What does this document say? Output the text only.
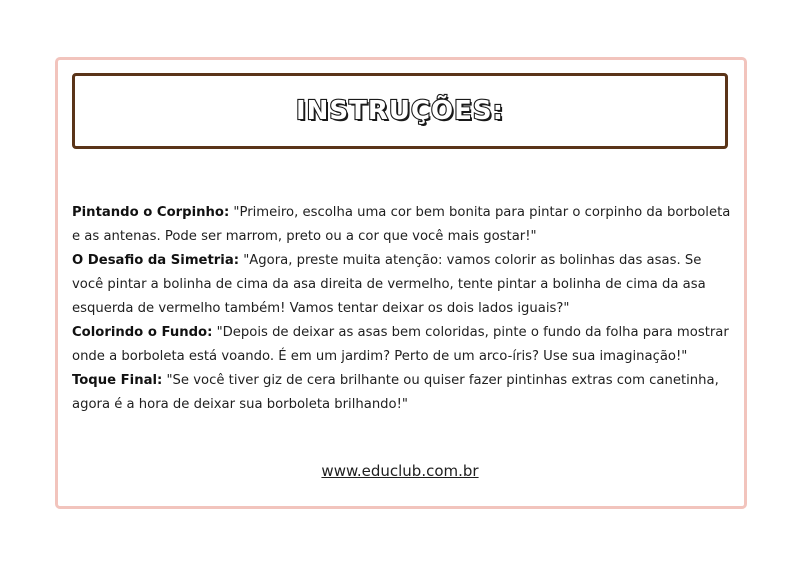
INSTRUÇÕES:

Pintando o Corpinho: "Primeiro, escolha uma cor bem bonita para pintar o corpinho da borboleta e as antenas. Pode ser marrom, preto ou a cor que você mais gostar!"

O Desafio da Simetria: "Agora, preste muita atenção: vamos colorir as bolinhas das asas. Se você pintar a bolinha de cima da asa direita de vermelho, tente pintar a bolinha de cima da asa esquerda de vermelho também! Vamos tentar deixar os dois lados iguais?"

Colorindo o Fundo: "Depois de deixar as asas bem coloridas, pinte o fundo da folha para mostrar onde a borboleta está voando. É em um jardim? Perto de um arco-íris? Use sua imaginação!"

Toque Final: "Se você tiver giz de cera brilhante ou quiser fazer pintinhas extras com canetinha, agora é a hora de deixar sua borboleta brilhando!"

www.educlub.com.br
